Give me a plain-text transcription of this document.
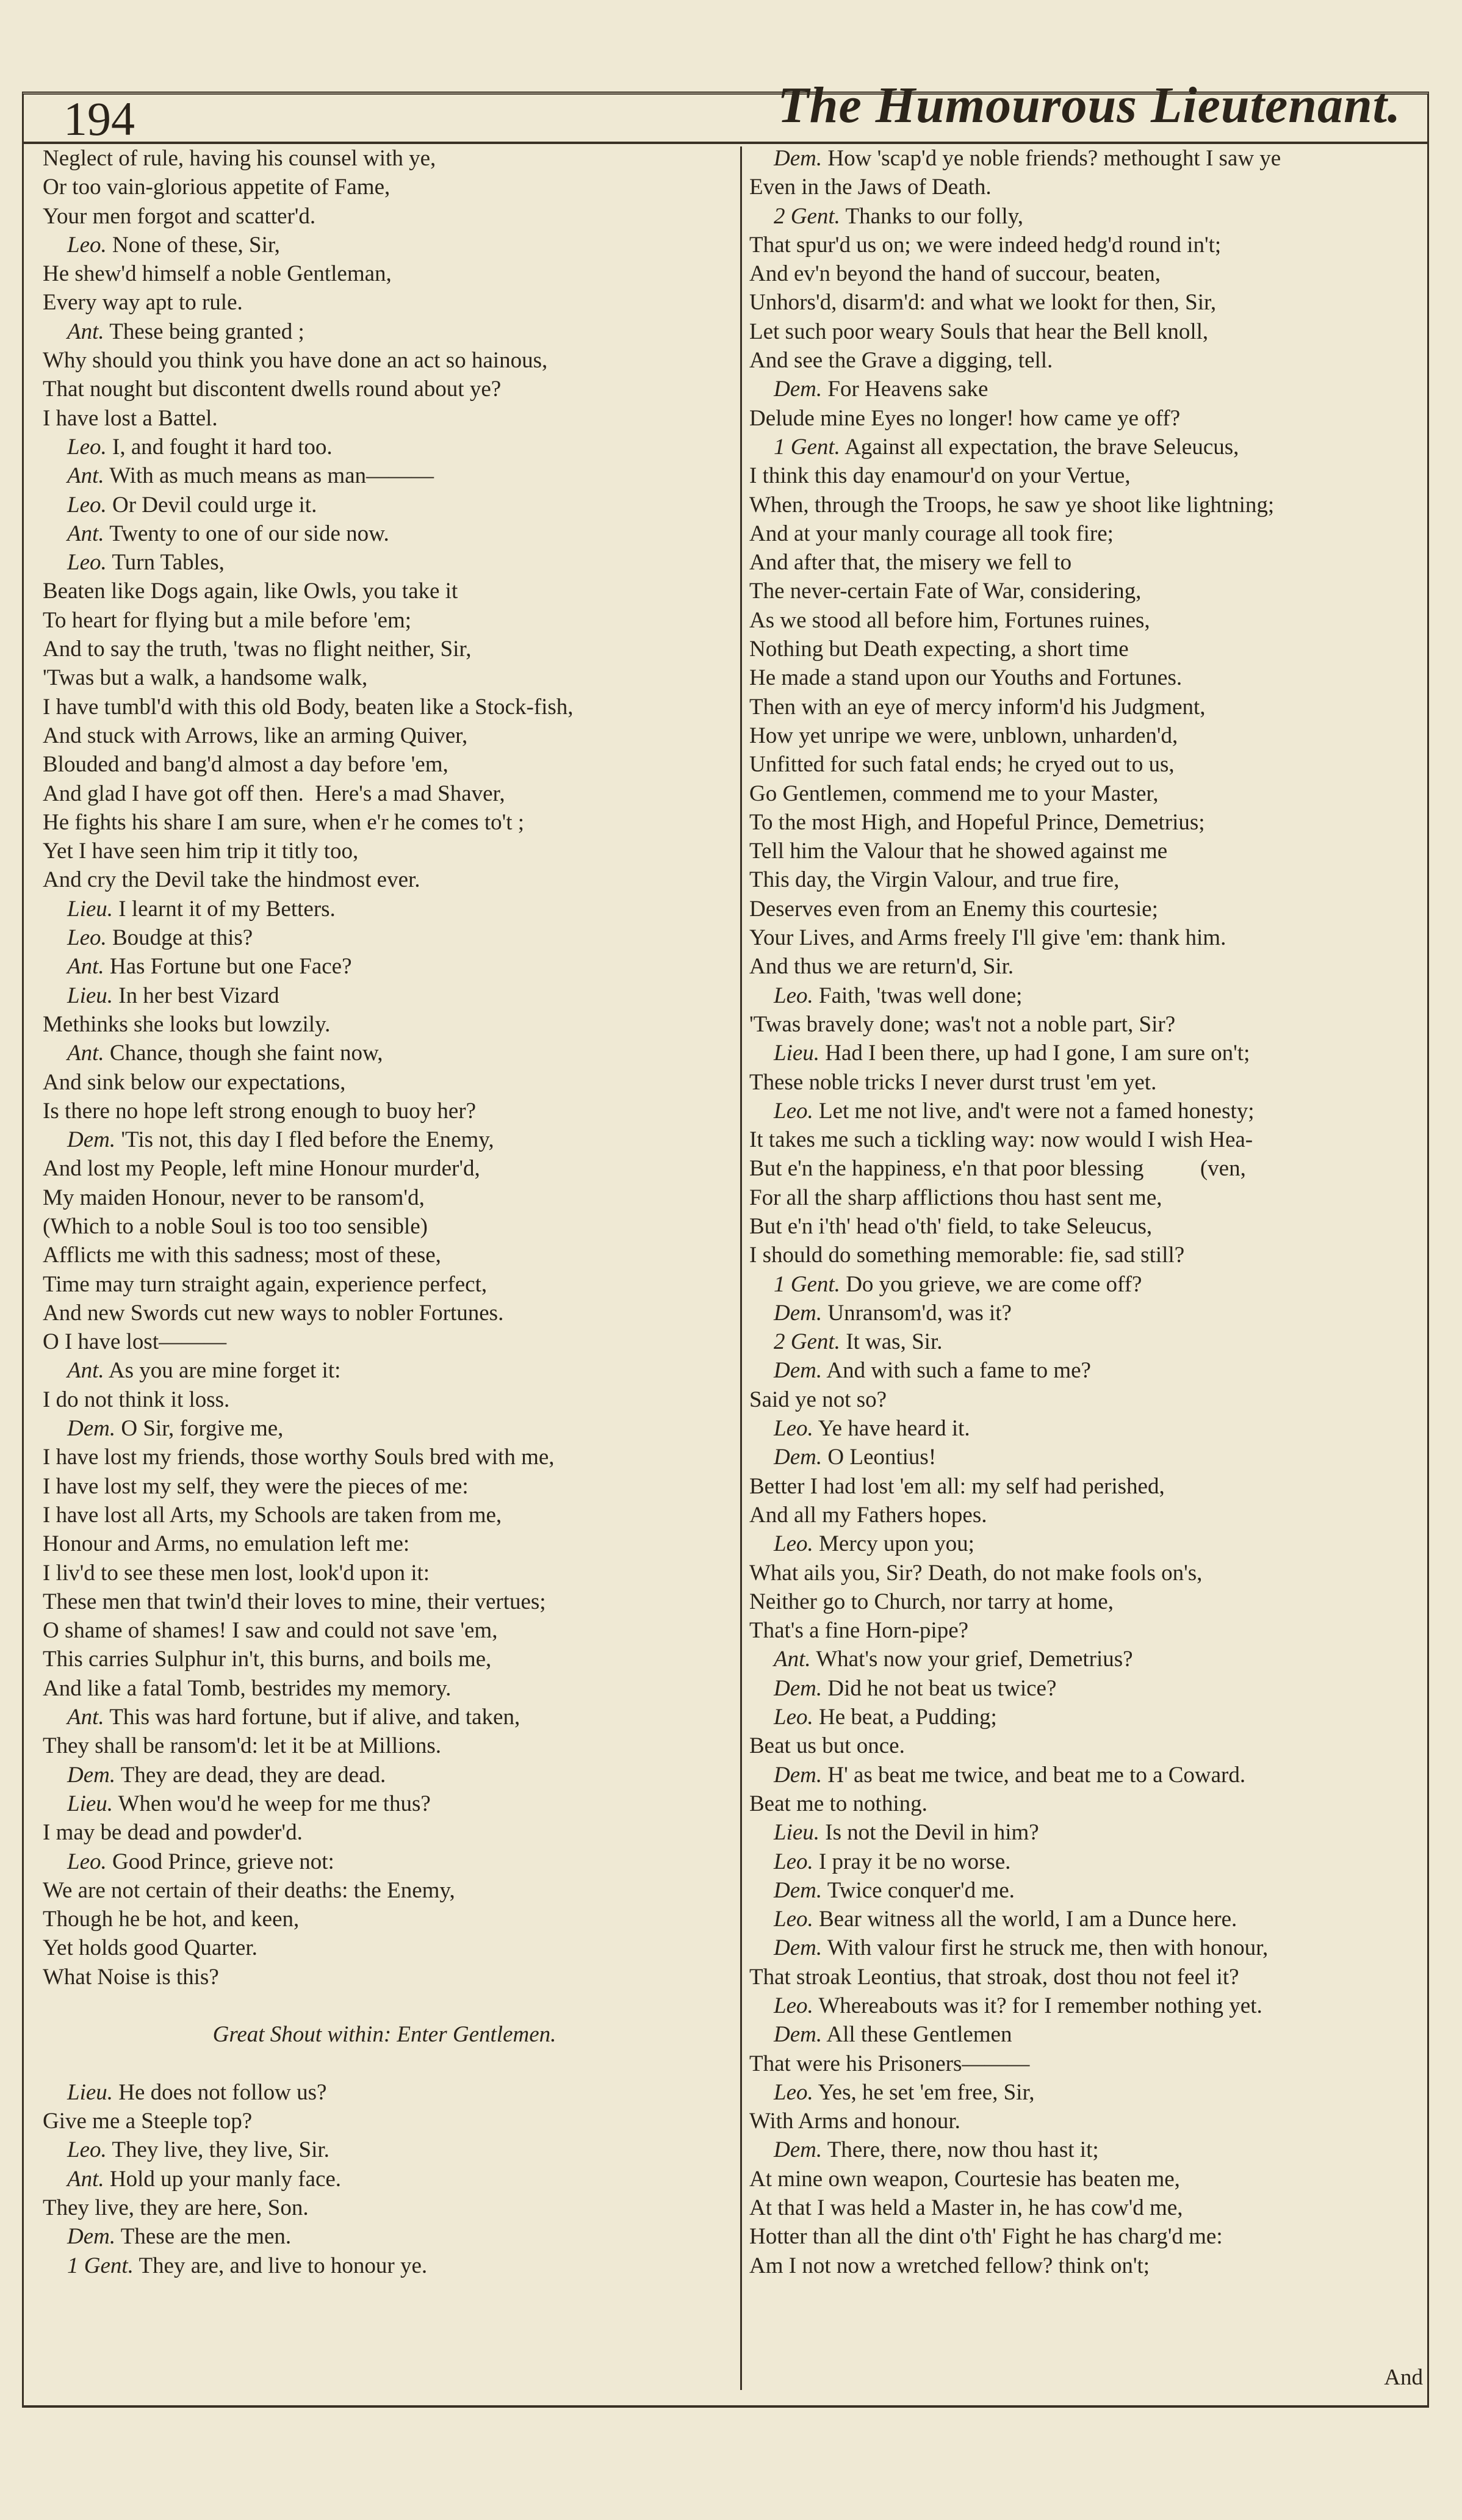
194	The Humourous Lieutenant.
Neglect of rule, having his counsel with ye,
Or too vain-glorious appetite of Fame,
Your men forgot and scatter'd.
Leo. None of these, Sir,
He shew'd himself a noble Gentleman,
Every way apt to rule.
Ant. These being granted ;
Why should you think you have done an act so hainous,
That nought but discontent dwells round about ye?
I have lost a Battel.
Leo. I, and fought it hard too.
Ant. With as much means as man———
Leo. Or Devil could urge it.
Ant. Twenty to one of our side now.
Leo. Turn Tables,
Beaten like Dogs again, like Owls, you take it
To heart for flying but a mile before 'em;
And to say the truth, 'twas no flight neither, Sir,
'Twas but a walk, a handsome walk,
I have tumbl'd with this old Body, beaten like a Stock-fish,
And stuck with Arrows, like an arming Quiver,
Blouded and bang'd almost a day before 'em,
And glad I have got off then.  Here's a mad Shaver,
He fights his share I am sure, when e'r he comes to't ;
Yet I have seen him trip it titly too,
And cry the Devil take the hindmost ever.
Lieu. I learnt it of my Betters.
Leo. Boudge at this?
Ant. Has Fortune but one Face?
Lieu. In her best Vizard
Methinks she looks but lowzily.
Ant. Chance, though she faint now,
And sink below our expectations,
Is there no hope left strong enough to buoy her?
Dem. 'Tis not, this day I fled before the Enemy,
And lost my People, left mine Honour murder'd,
My maiden Honour, never to be ransom'd,
(Which to a noble Soul is too too sensible)
Afflicts me with this sadness; most of these,
Time may turn straight again, experience perfect,
And new Swords cut new ways to nobler Fortunes.
O I have lost———
Ant. As you are mine forget it:
I do not think it loss.
Dem. O Sir, forgive me,
I have lost my friends, those worthy Souls bred with me,
I have lost my self, they were the pieces of me:
I have lost all Arts, my Schools are taken from me,
Honour and Arms, no emulation left me:
I liv'd to see these men lost, look'd upon it:
These men that twin'd their loves to mine, their vertues;
O shame of shames! I saw and could not save 'em,
This carries Sulphur in't, this burns, and boils me,
And like a fatal Tomb, bestrides my memory.
Ant. This was hard fortune, but if alive, and taken,
They shall be ransom'd: let it be at Millions.
Dem. They are dead, they are dead.
Lieu. When wou'd he weep for me thus?
I may be dead and powder'd.
Leo. Good Prince, grieve not:
We are not certain of their deaths: the Enemy,
Though he be hot, and keen,
Yet holds good Quarter.
What Noise is this?
Great Shout within: Enter Gentlemen.
Lieu. He does not follow us?
Give me a Steeple top?
Leo. They live, they live, Sir.
Ant. Hold up your manly face.
They live, they are here, Son.
Dem. These are the men.
1 Gent. They are, and live to honour ye.
Dem. How 'scap'd ye noble friends? methought I saw ye
Even in the Jaws of Death.
2 Gent. Thanks to our folly,
That spur'd us on; we were indeed hedg'd round in't;
And ev'n beyond the hand of succour, beaten,
Unhors'd, disarm'd: and what we lookt for then, Sir,
Let such poor weary Souls that hear the Bell knoll,
And see the Grave a digging, tell.
Dem. For Heavens sake
Delude mine Eyes no longer! how came ye off?
1 Gent. Against all expectation, the brave Seleucus,
I think this day enamour'd on your Vertue,
When, through the Troops, he saw ye shoot like lightning;
And at your manly courage all took fire;
And after that, the misery we fell to
The never-certain Fate of War, considering,
As we stood all before him, Fortunes ruines,
Nothing but Death expecting, a short time
He made a stand upon our Youths and Fortunes.
Then with an eye of mercy inform'd his Judgment,
How yet unripe we were, unblown, unharden'd,
Unfitted for such fatal ends; he cryed out to us,
Go Gentlemen, commend me to your Master,
To the most High, and Hopeful Prince, Demetrius;
Tell him the Valour that he showed against me
This day, the Virgin Valour, and true fire,
Deserves even from an Enemy this courtesie;
Your Lives, and Arms freely I'll give 'em: thank him.
And thus we are return'd, Sir.
Leo. Faith, 'twas well done;
'Twas bravely done; was't not a noble part, Sir?
Lieu. Had I been there, up had I gone, I am sure on't;
These noble tricks I never durst trust 'em yet.
Leo. Let me not live, and't were not a famed honesty;
It takes me such a tickling way: now would I wish Hea-
But e'n the happiness, e'n that poor blessing          (ven,
For all the sharp afflictions thou hast sent me,
But e'n i'th' head o'th' field, to take Seleucus,
I should do something memorable: fie, sad still?
1 Gent. Do you grieve, we are come off?
Dem. Unransom'd, was it?
2 Gent. It was, Sir.
Dem. And with such a fame to me?
Said ye not so?
Leo. Ye have heard it.
Dem. O Leontius!
Better I had lost 'em all: my self had perished,
And all my Fathers hopes.
Leo. Mercy upon you;
What ails you, Sir? Death, do not make fools on's,
Neither go to Church, nor tarry at home,
That's a fine Horn-pipe?
Ant. What's now your grief, Demetrius?
Dem. Did he not beat us twice?
Leo. He beat, a Pudding;
Beat us but once.
Dem. H' as beat me twice, and beat me to a Coward.
Beat me to nothing.
Lieu. Is not the Devil in him?
Leo. I pray it be no worse.
Dem. Twice conquer'd me.
Leo. Bear witness all the world, I am a Dunce here.
Dem. With valour first he struck me, then with honour,
That stroak Leontius, that stroak, dost thou not feel it?
Leo. Whereabouts was it? for I remember nothing yet.
Dem. All these Gentlemen
That were his Prisoners———
Leo. Yes, he set 'em free, Sir,
With Arms and honour.
Dem. There, there, now thou hast it;
At mine own weapon, Courtesie has beaten me,
At that I was held a Master in, he has cow'd me,
Hotter than all the dint o'th' Fight he has charg'd me:
Am I not now a wretched fellow? think on't;
And
